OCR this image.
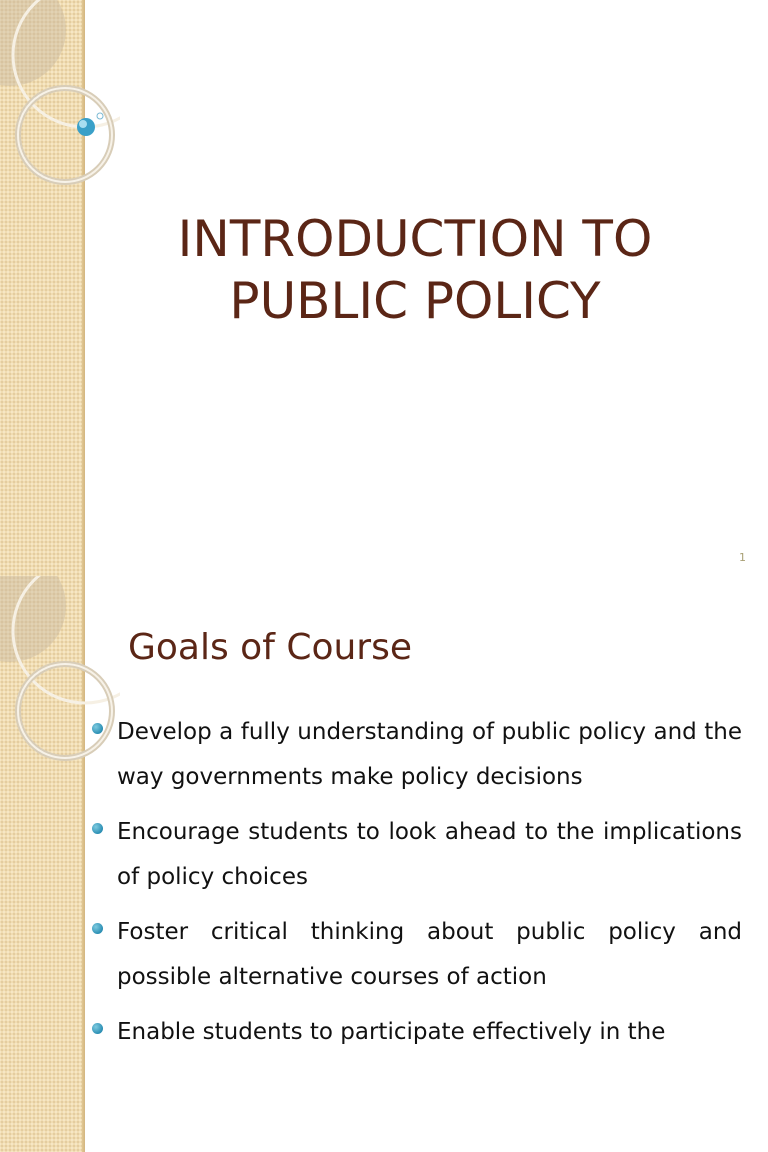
INTRODUCTION TO PUBLIC POLICY
1
Goals of Course
Develop a fully understanding of public policy and the way governments make policy decisions
Encourage students to look ahead to the implications of policy choices
Foster critical thinking about public policy and possible alternative courses of action
Enable students to participate effectively in the
